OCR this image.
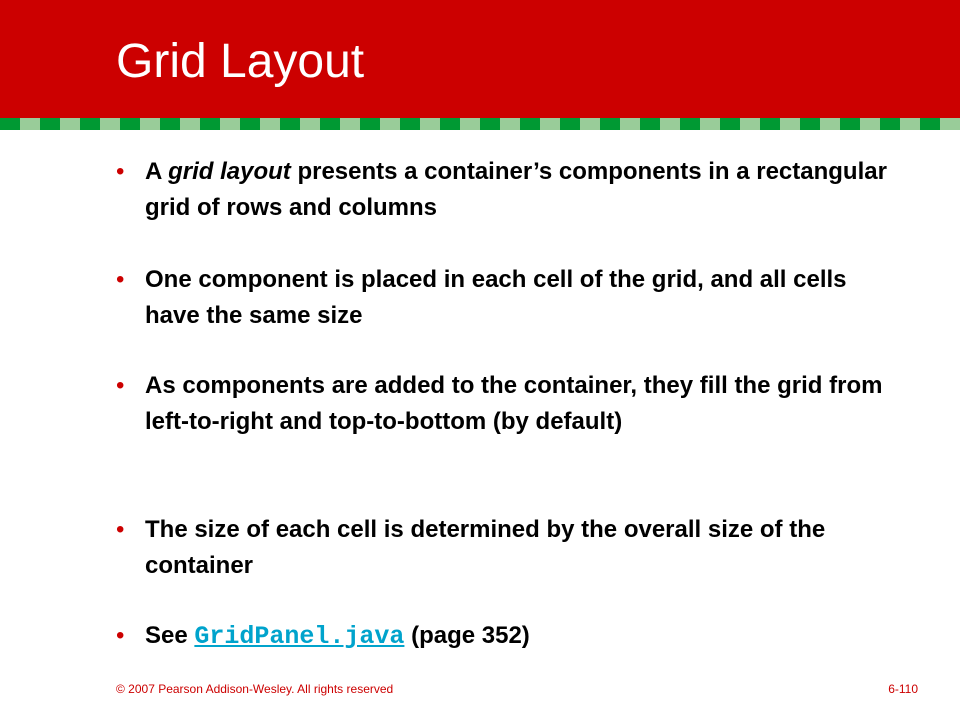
Grid Layout
• A grid layout presents a container’s components in a rectangular grid of rows and columns
• One component is placed in each cell of the grid, and all cells have the same size
• As components are added to the container, they fill the grid from left-to-right and top-to-bottom (by default)
• The size of each cell is determined by the overall size of the container
• See GridPanel.java (page 352)
© 2007 Pearson Addison-Wesley. All rights reserved	6-110
